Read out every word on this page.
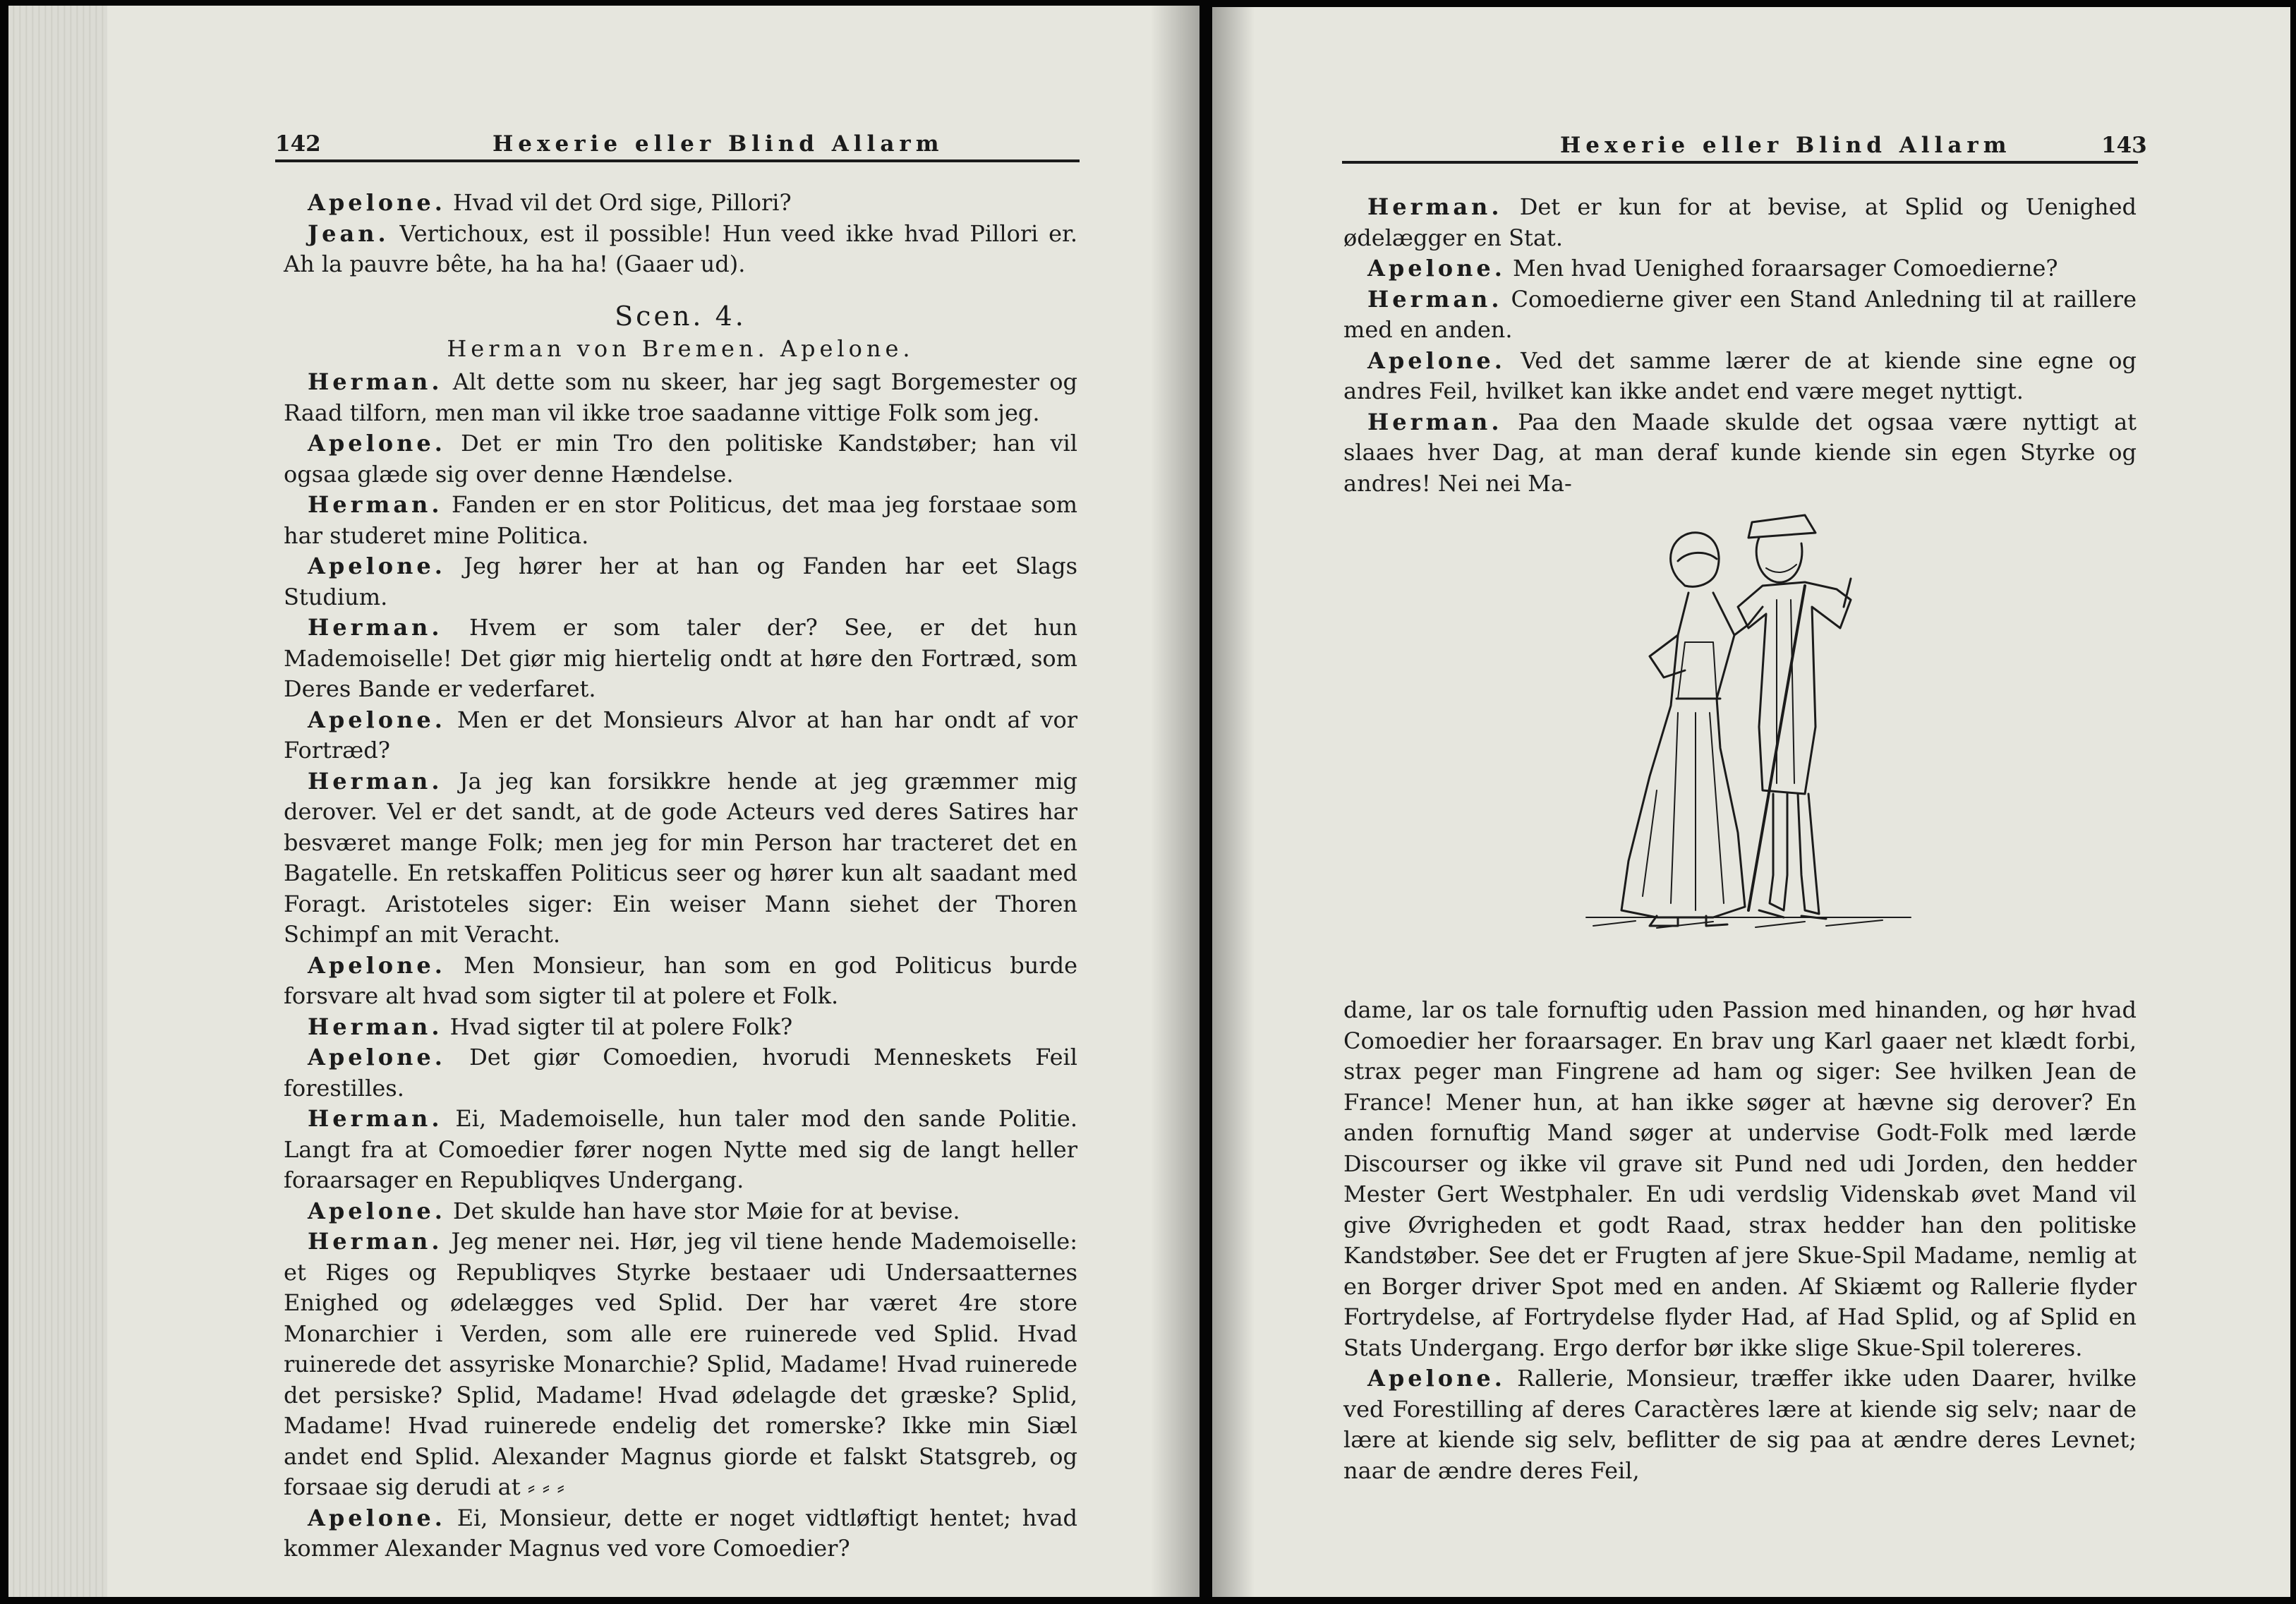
142	Hexerie eller Blind Allarm

Apelone. Hvad vil det Ord sige, Pillori?

Jean. Vertichoux, est il possible! Hun veed ikke hvad Pillori er. Ah la pauvre bête, ha ha ha! (Gaaer ud).

Scen. 4.
Herman von Bremen. Apelone.

Herman. Alt dette som nu skeer, har jeg sagt Borgemester og Raad tilforn, men man vil ikke troe saadanne vittige Folk som jeg.

Apelone. Det er min Tro den politiske Kandstøber; han vil ogsaa glæde sig over denne Hændelse.

Herman. Fanden er en stor Politicus, det maa jeg forstaae som har studeret mine Politica.

Apelone. Jeg hører her at han og Fanden har eet Slags Studium.

Herman. Hvem er som taler der? See, er det hun Mademoiselle! Det giør mig hiertelig ondt at høre den Fortræd, som Deres Bande er vederfaret.

Apelone. Men er det Monsieurs Alvor at han har ondt af vor Fortræd?

Herman. Ja jeg kan forsikkre hende at jeg græmmer mig derover. Vel er det sandt, at de gode Acteurs ved deres Satires har besværet mange Folk; men jeg for min Person har tracteret det en Bagatelle. En retskaffen Politicus seer og hører kun alt saadant med Foragt. Aristoteles siger: Ein weiser Mann siehet der Thoren Schimpf an mit Veracht.

Apelone. Men Monsieur, han som en god Politicus burde forsvare alt hvad som sigter til at polere et Folk.

Herman. Hvad sigter til at polere Folk?

Apelone. Det giør Comoedien, hvorudi Menneskets Feil forestilles.

Herman. Ei, Mademoiselle, hun taler mod den sande Politie. Langt fra at Comoedier fører nogen Nytte med sig de langt heller foraarsager en Republiqves Undergang.

Apelone. Det skulde han have stor Møie for at bevise.

Herman. Jeg mener nei. Hør, jeg vil tiene hende Mademoiselle: et Riges og Republiqves Styrke bestaaer udi Undersaatternes Enighed og ødelægges ved Splid. Der har været 4re store Monarchier i Verden, som alle ere ruinerede ved Splid. Hvad ruinerede det assyriske Monarchie? Splid, Madame! Hvad ruinerede det persiske? Splid, Madame! Hvad ødelagde det græske? Splid, Madame! Hvad ruinerede endelig det romerske? Ikke min Siæl andet end Splid. Alexander Magnus giorde et falskt Statsgreb, og forsaae sig derudi at ⸗ ⸗ ⸗

Apelone. Ei, Monsieur, dette er noget vidtløftigt hentet; hvad kommer Alexander Magnus ved vore Comoedier?

Hexerie eller Blind Allarm	143

Herman. Det er kun for at bevise, at Splid og Uenighed ødelægger en Stat.

Apelone. Men hvad Uenighed foraarsager Comoedierne?

Herman. Comoedierne giver een Stand Anledning til at raillere med en anden.

Apelone. Ved det samme lærer de at kiende sine egne og andres Feil, hvilket kan ikke andet end være meget nyttigt.

Herman. Paa den Maade skulde det ogsaa være nyttigt at slaaes hver Dag, at man deraf kunde kiende sin egen Styrke og andres! Nei nei Ma-

dame, lar os tale fornuftig uden Passion med hinanden, og hør hvad Comoedier her foraarsager. En brav ung Karl gaaer net klædt forbi, strax peger man Fingrene ad ham og siger: See hvilken Jean de France! Mener hun, at han ikke søger at hævne sig derover? En anden fornuftig Mand søger at undervise Godt-Folk med lærde Discourser og ikke vil grave sit Pund ned udi Jorden, den hedder Mester Gert Westphaler. En udi verdslig Videnskab øvet Mand vil give Øvrigheden et godt Raad, strax hedder han den politiske Kandstøber. See det er Frugten af jere Skue-Spil Madame, nemlig at en Borger driver Spot med en anden. Af Skiæmt og Rallerie flyder Fortrydelse, af Fortrydelse flyder Had, af Had Splid, og af Splid en Stats Undergang. Ergo derfor bør ikke slige Skue-Spil tolereres.

Apelone. Rallerie, Monsieur, træffer ikke uden Daarer, hvilke ved Forestilling af deres Caractères lære at kiende sig selv; naar de lære at kiende sig selv, beflitter de sig paa at ændre deres Levnet; naar de ændre deres Feil,
